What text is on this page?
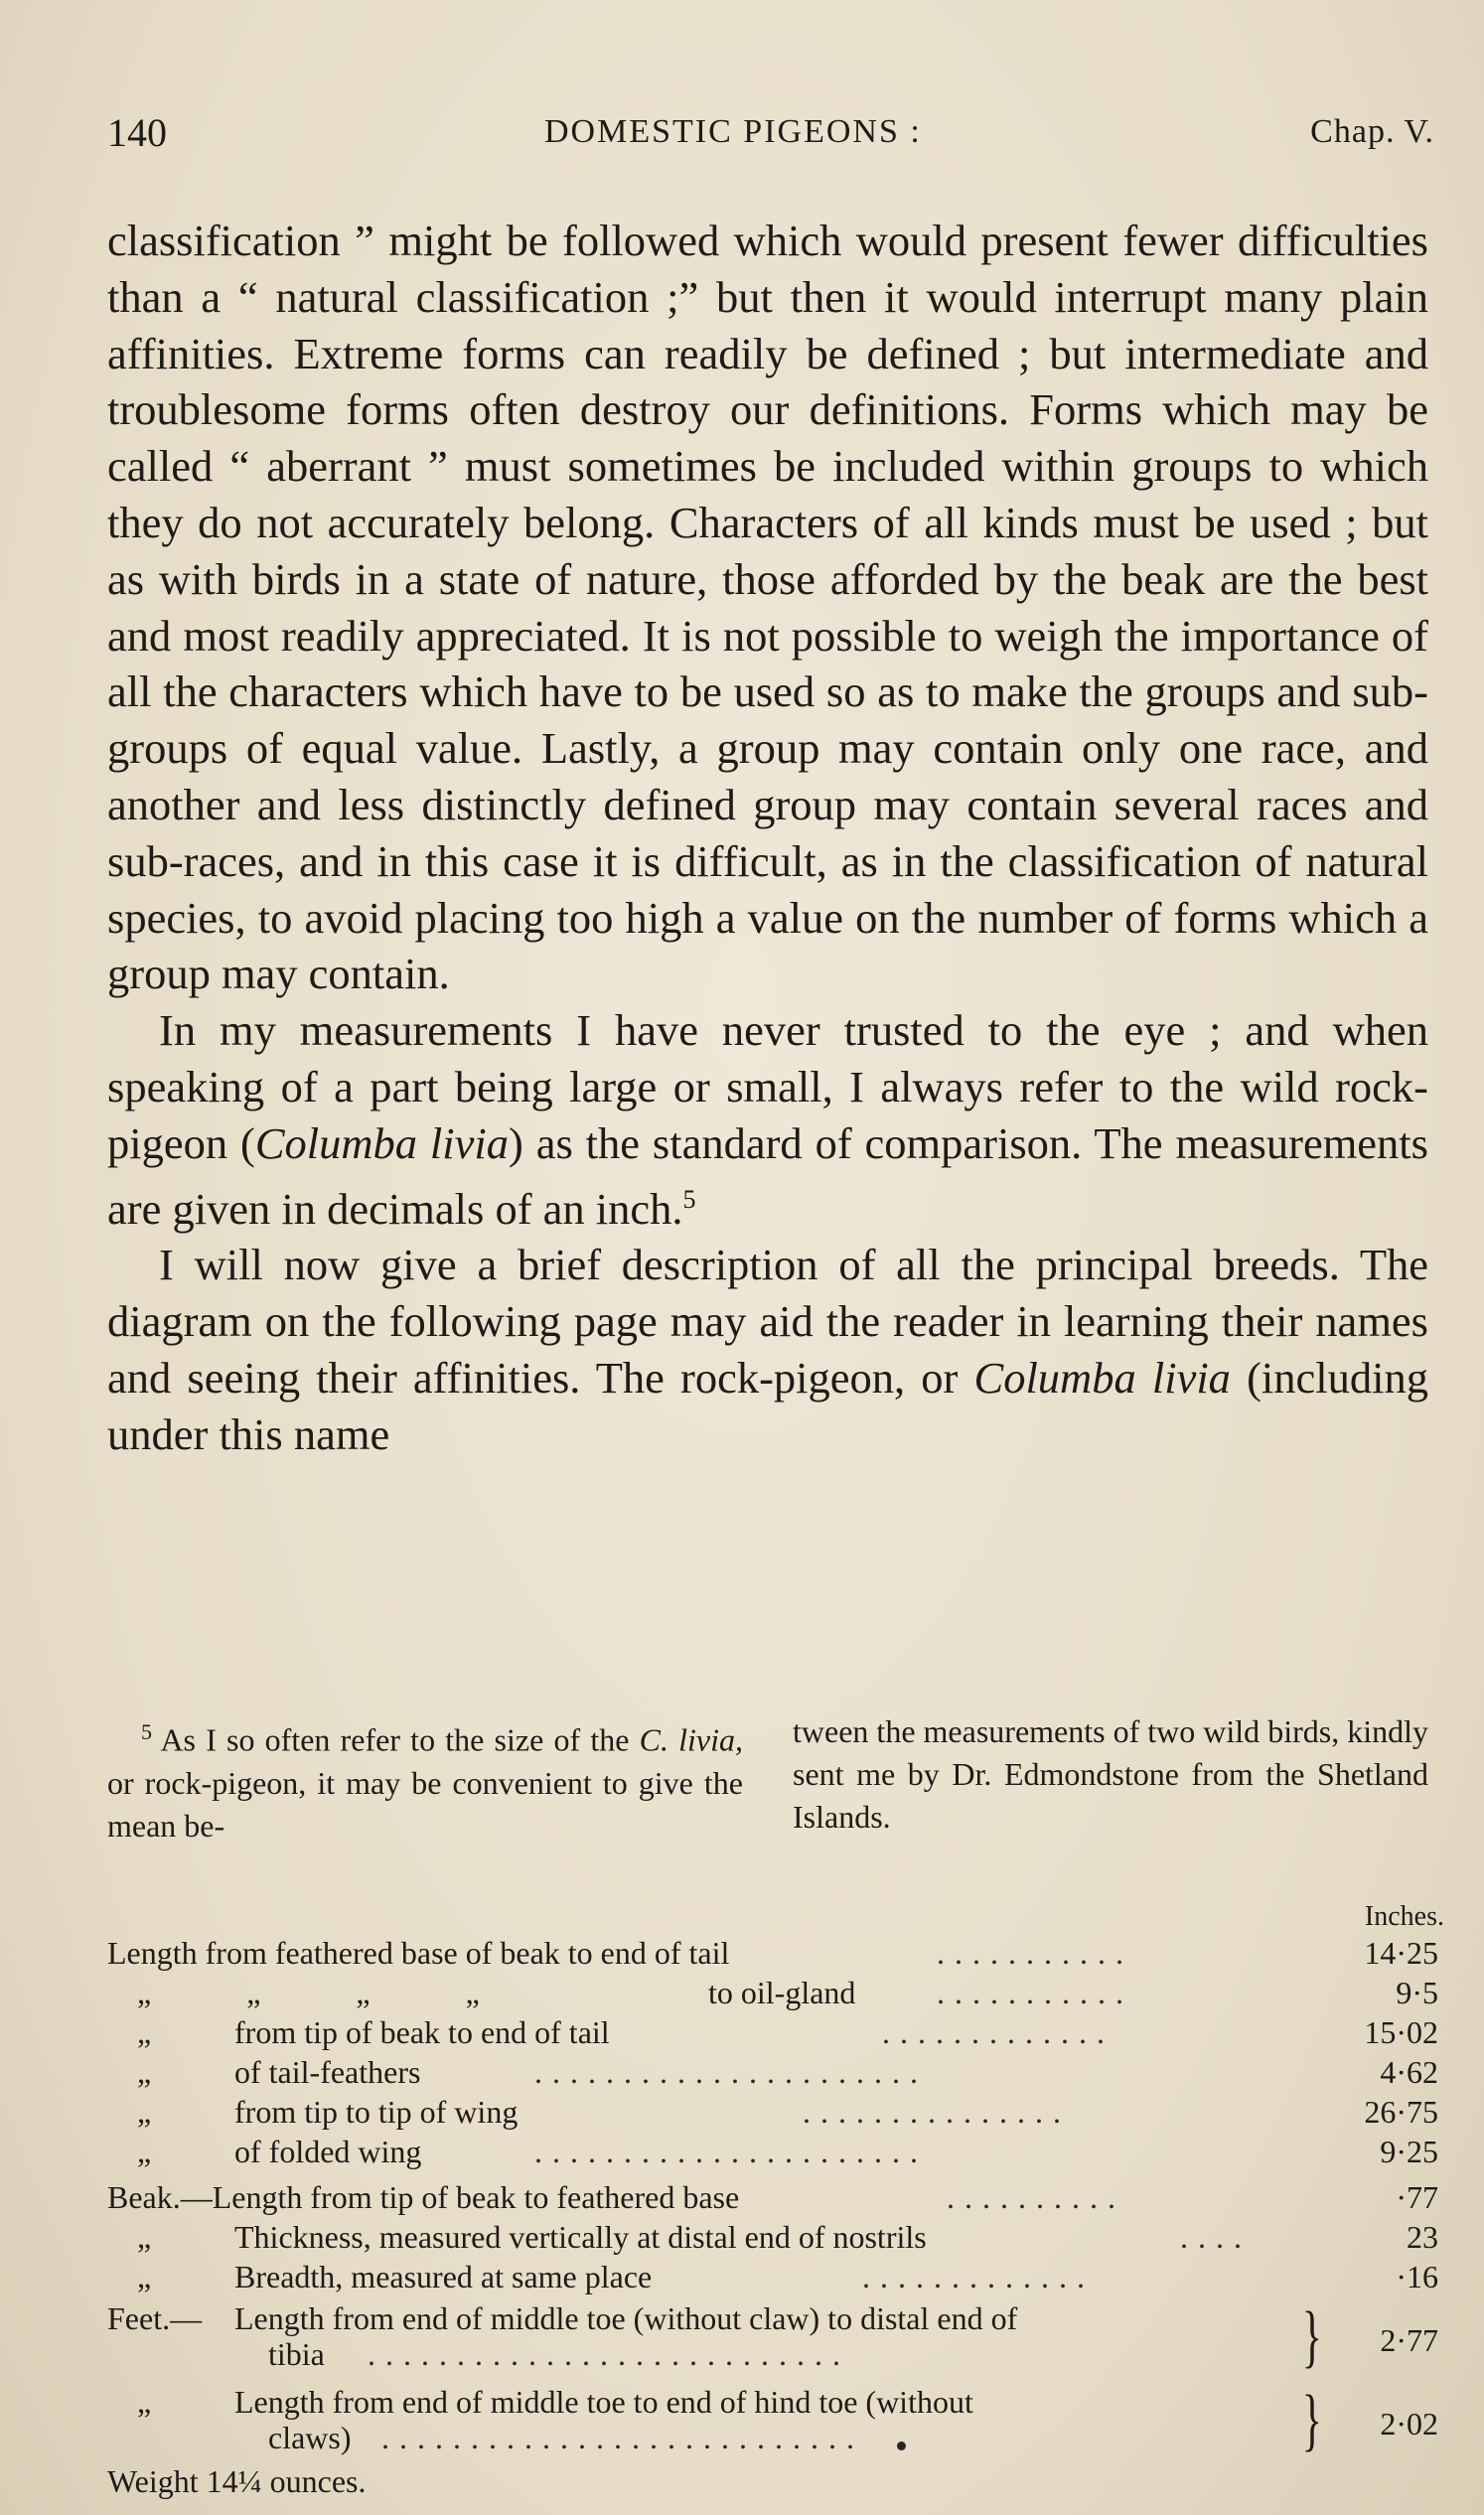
140	DOMESTIC PIGEONS :	Chap. V.

classification ” might be followed which would present fewer difficulties than a “ natural classification ;” but then it would interrupt many plain affinities. Extreme forms can readily be defined ; but intermediate and troublesome forms often destroy our definitions. Forms which may be called “ aberrant ” must sometimes be included within groups to which they do not accurately belong. Characters of all kinds must be used ; but as with birds in a state of nature, those afforded by the beak are the best and most readily appreciated. It is not possible to weigh the importance of all the characters which have to be used so as to make the groups and sub-groups of equal value. Lastly, a group may contain only one race, and another and less distinctly defined group may contain several races and sub-races, and in this case it is difficult, as in the classification of natural species, to avoid placing too high a value on the number of forms which a group may contain.

In my measurements I have never trusted to the eye ; and when speaking of a part being large or small, I always refer to the wild rock-pigeon (Columba livia) as the standard of comparison. The measurements are given in decimals of an inch.$^5$

I will now give a brief description of all the principal breeds. The diagram on the following page may aid the reader in learning their names and seeing their affinities. The rock-pigeon, or Columba livia (including under this name

$^5$ As I so often refer to the size of the C. livia, or rock-pigeon, it may be convenient to give the mean be-

tween the measurements of two wild birds, kindly sent me by Dr. Edmondstone from the Shetland Islands.

Inches.
Length from feathered base of beak to end of tail	...........	14·25
„ „ „ „	to oil-gland	...........	9·5
„	from tip of beak to end of tail	.............	15·02
„	of tail-feathers	......................	4·62
„	from tip to tip of wing	...............	26·75
„	of folded wing	......................	9·25
Beak.—Length from tip of beak to feathered base	..........	·77
„	Thickness, measured vertically at distal end of nostrils	....	23
„	Breadth, measured at same place	.............	·16
Feet.— Length from end of middle toe (without claw) to distal end of
tibia ...........................	}	2·77
„	Length from end of middle toe to end of hind toe (without
claws) ...........................	}	2·02
Weight 14¼ ounces.
